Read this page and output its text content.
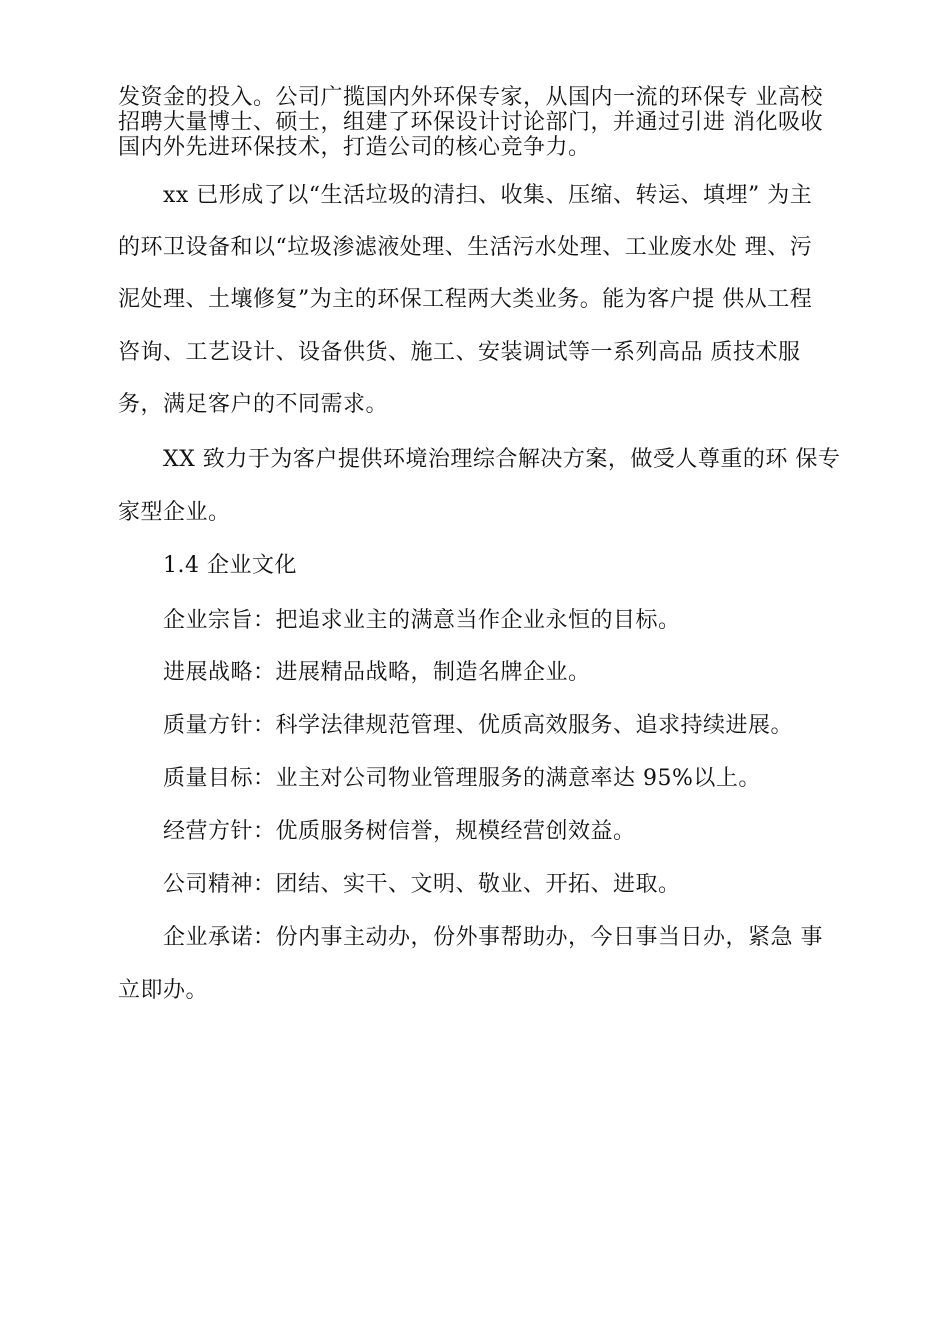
发资金的投入。公司广揽国内外环保专家，从国内一流的环保专 业高校
招聘大量博士、硕士，组建了环保设计讨论部门，并通过引进 消化吸收
国内外先进环保技术，打造公司的核心竞争力。
xx 已形成了以“生活垃圾的清扫、收集、压缩、转运、填埋” 为主
的环卫设备和以“垃圾渗滤液处理、生活污水处理、工业废水处 理、污
泥处理、土壤修复”为主的环保工程两大类业务。能为客户提 供从工程
咨询、工艺设计、设备供货、施工、安装调试等一系列高品 质技术服
务，满足客户的不同需求。
XX 致力于为客户提供环境治理综合解决方案，做受人尊重的环 保专
家型企业。
1.4 企业文化
企业宗旨：把追求业主的满意当作企业永恒的目标。
进展战略：进展精品战略，制造名牌企业。
质量方针：科学法律规范管理、优质高效服务、追求持续进展。
质量目标：业主对公司物业管理服务的满意率达 95%以上。
经营方针：优质服务树信誉，规模经营创效益。
公司精神：团结、实干、文明、敬业、开拓、进取。
企业承诺：份内事主动办，份外事帮助办，今日事当日办，紧急 事
立即办。
